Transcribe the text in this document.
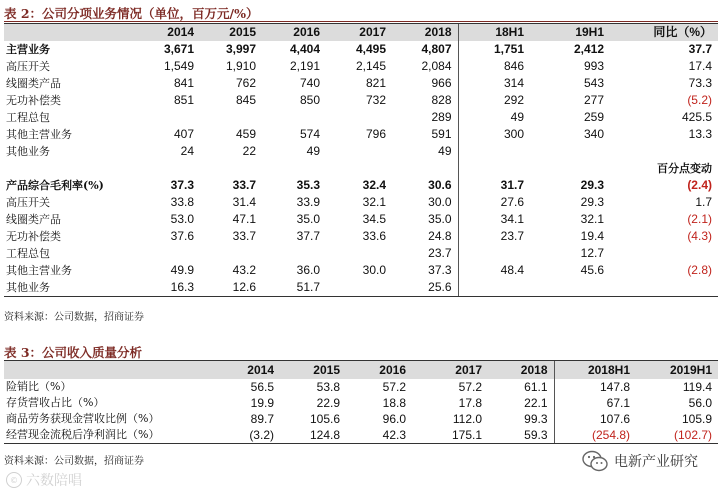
表 2：公司分项业务情况（单位，百万元/%）
	2014	2015	2016	2017	2018	18H1	19H1	同比（%）
主营业务	3,671	3,997	4,404	4,495	4,807	1,751	2,412	37.7
高压开关	1,549	1,910	2,191	2,145	2,084	846	993	17.4
线圈类产品	841	762	740	821	966	314	543	73.3
无功补偿类	851	845	850	732	828	292	277	(5.2)
工程总包					289	49	259	425.5
其他主营业务	407	459	574	796	591	300	340	13.3
其他业务	24	22	49		49			
								百分点变动
产品综合毛利率(%)	37.3	33.7	35.3	32.4	30.6	31.7	29.3	(2.4)
高压开关	33.8	31.4	33.9	32.1	30.0	27.6	29.3	1.7
线圈类产品	53.0	47.1	35.0	34.5	35.0	34.1	32.1	(2.1)
无功补偿类	37.6	33.7	37.7	33.6	24.8	23.7	19.4	(4.3)
工程总包					23.7		12.7	
其他主营业务	49.9	43.2	36.0	30.0	37.3	48.4	45.6	(2.8)
其他业务	16.3	12.6	51.7		25.6			
资料来源：公司数据，招商证券
表 3：公司收入质量分析
	2014	2015	2016	2017	2018	2018H1	2019H1
险销比（%）	56.5	53.8	57.2	57.2	61.1	147.8	119.4
存货营收占比（%）	19.9	22.9	18.8	17.8	22.1	67.1	56.0
商品劳务获现金营收比例（%）	89.7	105.6	96.0	112.0	99.3	107.6	105.9
经营现金流税后净利润比（%）	(3.2)	124.8	42.3	175.1	59.3	(254.8)	(102.7)
资料来源：公司数据，招商证券	电新产业研究
© 六数陪唱
